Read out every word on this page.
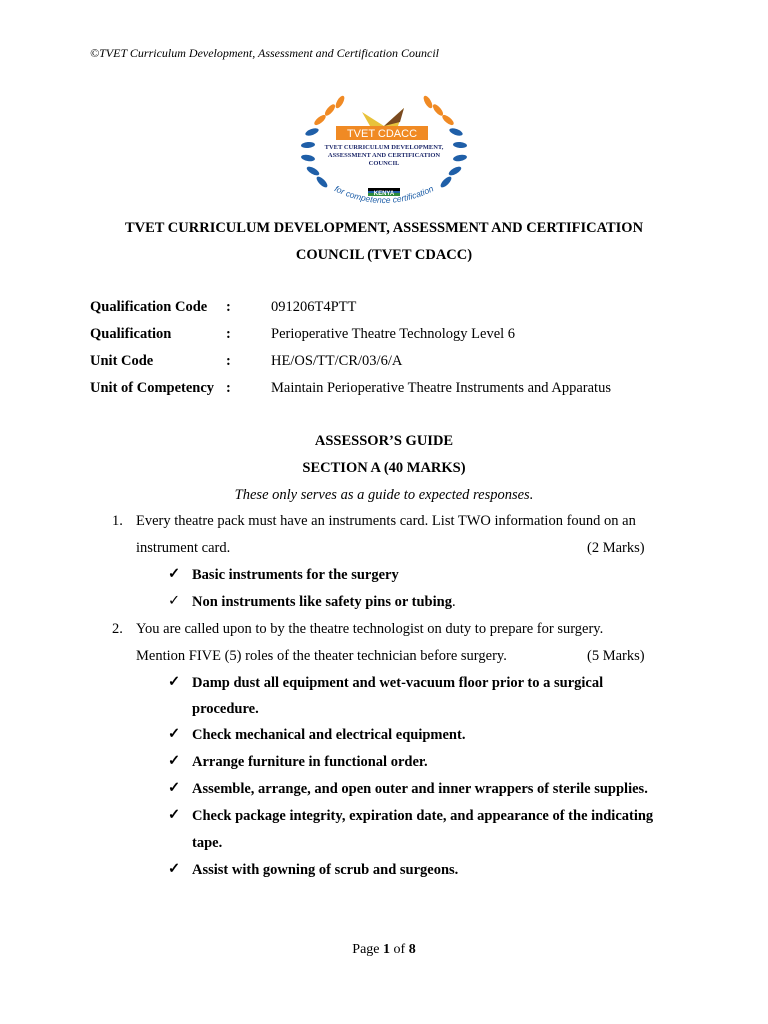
©TVET Curriculum Development, Assessment and Certification Council
TVET CDACC
TVET CURRICULUM DEVELOPMENT,
ASSESSMENT AND CERTIFICATION
COUNCIL
KENYA
for competence certification
TVET CURRICULUM DEVELOPMENT, ASSESSMENT AND CERTIFICATION
COUNCIL (TVET CDACC)
Qualification Code :	091206T4PTT
Qualification	:	Perioperative Theatre Technology Level 6
Unit Code	:	HE/OS/TT/CR/03/6/A
Unit of Competency :	Maintain Perioperative Theatre Instruments and Apparatus
ASSESSOR’S GUIDE
SECTION A (40 MARKS)
These only serves as a guide to expected responses.
1. Every theatre pack must have an instruments card. List TWO information found on an
instrument card.	(2 Marks)
✓ Basic instruments for the surgery
✓ Non instruments like safety pins or tubing.
2. You are called upon to by the theatre technologist on duty to prepare for surgery.
Mention FIVE (5) roles of the theater technician before surgery.	(5 Marks)
✓ Damp dust all equipment and wet-vacuum floor prior to a surgical
procedure.
✓ Check mechanical and electrical equipment.
✓ Arrange furniture in functional order.
✓ Assemble, arrange, and open outer and inner wrappers of sterile supplies.
✓ Check package integrity, expiration date, and appearance of the indicating
tape.
✓ Assist with gowning of scrub and surgeons.
Page 1 of 8
